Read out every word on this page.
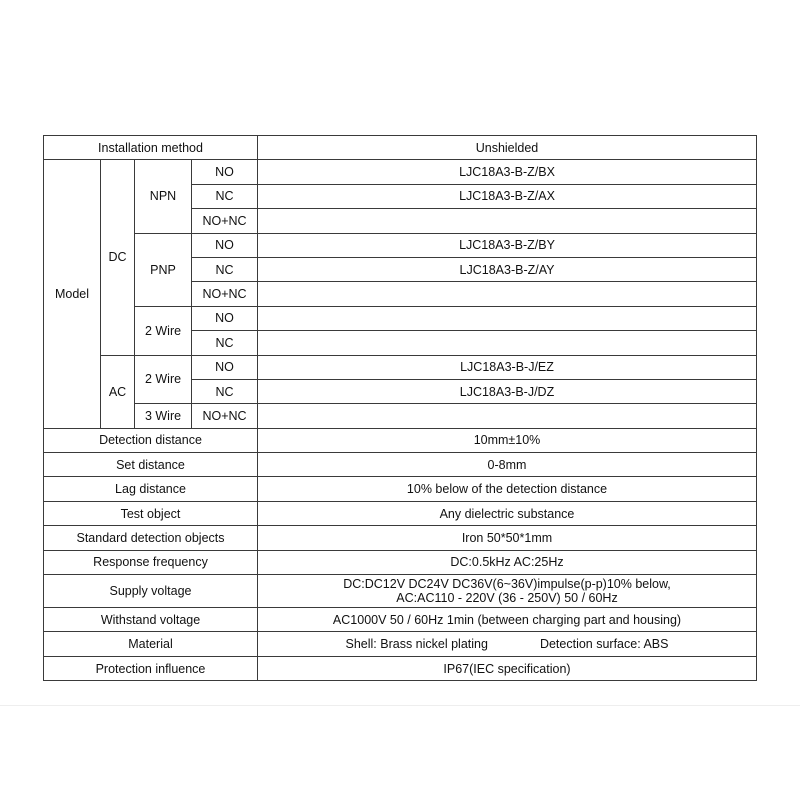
Installation method				Unshielded
Model	DC	NPN	NO	LJC18A3-B-Z/BX
			NC	LJC18A3-B-Z/AX
			NO+NC	
		PNP	NO	LJC18A3-B-Z/BY
			NC	LJC18A3-B-Z/AY
			NO+NC	
		2 Wire	NO	
			NC	
	AC	2 Wire	NO	LJC18A3-B-J/EZ
			NC	LJC18A3-B-J/DZ
		3 Wire	NO+NC	
Detection distance				10mm±10%
Set distance				0-8mm
Lag distance				10% below of the detection distance
Test object				Any dielectric substance
Standard detection objects				Iron 50*50*1mm
Response frequency				DC:0.5kHz AC:25Hz
Supply voltage				DC:DC12V DC24V DC36V(6~36V)impulse(p-p)10% below,
AC:AC110 - 220V (36 - 250V) 50 / 60Hz
Withstand voltage				AC1000V 50 / 60Hz 1min (between charging part and housing)
Material				Shell: Brass nickel plating Detection surface: ABS
Protection influence				IP67(IEC specification)
